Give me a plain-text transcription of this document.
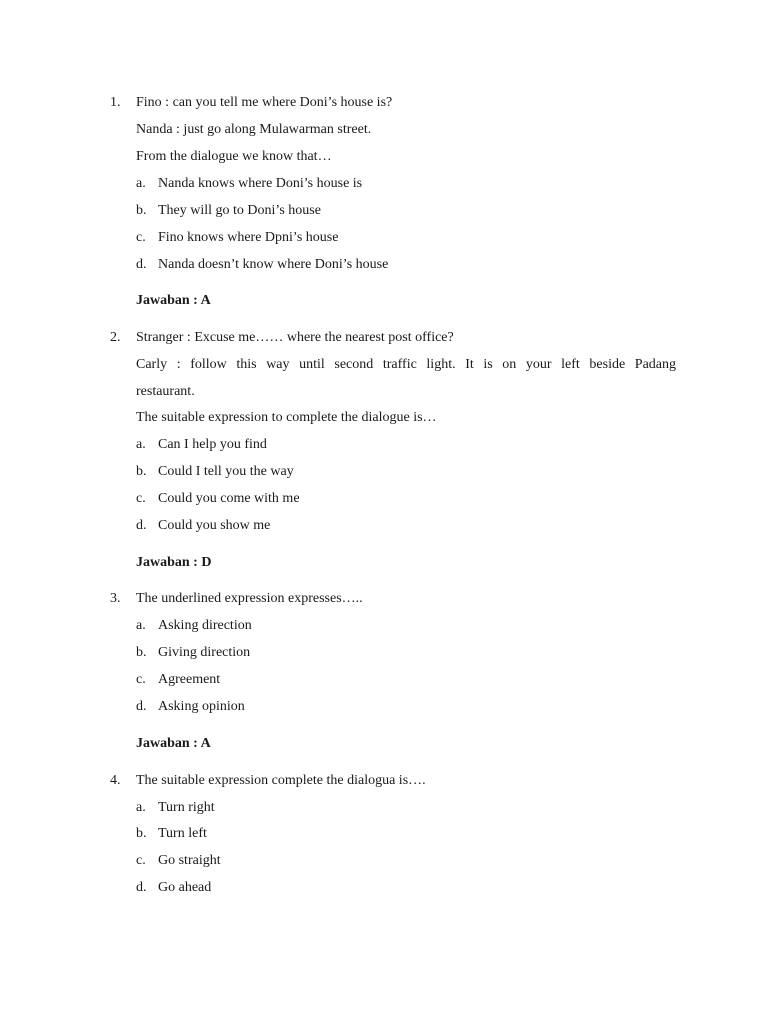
1. Fino : can you tell me where Doni’s house is?
Nanda : just go along Mulawarman street.
From the dialogue we know that…
a. Nanda knows where Doni’s house is
b. They will go to Doni’s house
c. Fino knows where Dpni’s house
d. Nanda doesn’t know where Doni’s house
Jawaban : A
2. Stranger : Excuse me…… where the nearest post office?
Carly : follow this way until second traffic light. It is on your left beside Padang
restaurant.
The suitable expression to complete the dialogue is…
a. Can I help you find
b. Could I tell you the way
c. Could you come with me
d. Could you show me
Jawaban : D
3. The underlined expression expresses…..
a. Asking direction
b. Giving direction
c. Agreement
d. Asking opinion
Jawaban : A
4. The suitable expression complete the dialogua is….
a. Turn right
b. Turn left
c. Go straight
d. Go ahead
